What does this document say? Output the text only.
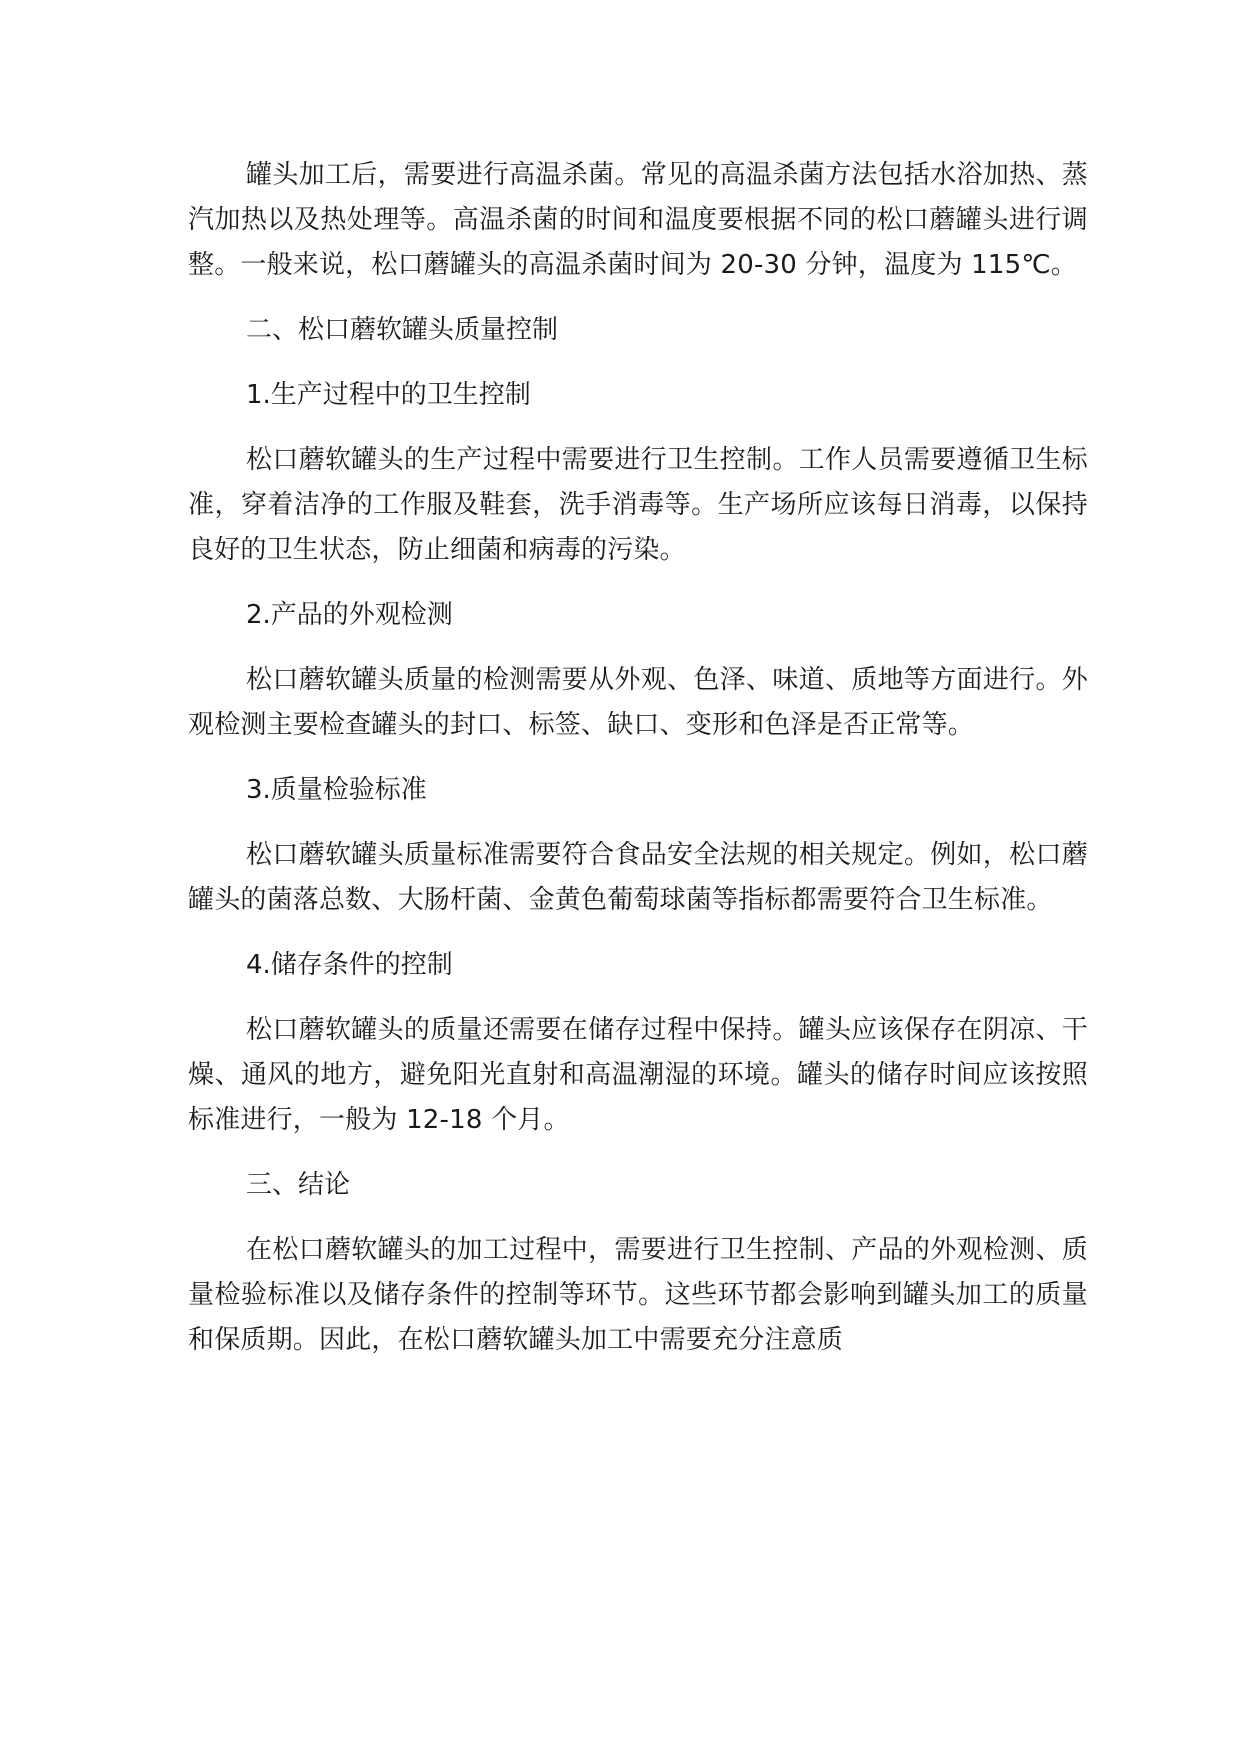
罐头加工后，需要进行高温杀菌。常见的高温杀菌方法包括水浴加热、蒸汽加热以及热处理等。高温杀菌的时间和温度要根据不同的松口蘑罐头进行调整。一般来说，松口蘑罐头的高温杀菌时间为 20-30 分钟，温度为 115℃。

二、松口蘑软罐头质量控制

1.生产过程中的卫生控制

松口蘑软罐头的生产过程中需要进行卫生控制。工作人员需要遵循卫生标准，穿着洁净的工作服及鞋套，洗手消毒等。生产场所应该每日消毒，以保持良好的卫生状态，防止细菌和病毒的污染。

2.产品的外观检测

松口蘑软罐头质量的检测需要从外观、色泽、味道、质地等方面进行。外观检测主要检查罐头的封口、标签、缺口、变形和色泽是否正常等。

3.质量检验标准

松口蘑软罐头质量标准需要符合食品安全法规的相关规定。例如，松口蘑罐头的菌落总数、大肠杆菌、金黄色葡萄球菌等指标都需要符合卫生标准。

4.储存条件的控制

松口蘑软罐头的质量还需要在储存过程中保持。罐头应该保存在阴凉、干燥、通风的地方，避免阳光直射和高温潮湿的环境。罐头的储存时间应该按照标准进行，一般为 12-18 个月。

三、结论

在松口蘑软罐头的加工过程中，需要进行卫生控制、产品的外观检测、质量检验标准以及储存条件的控制等环节。这些环节都会影响到罐头加工的质量和保质期。因此，在松口蘑软罐头加工中需要充分注意质
